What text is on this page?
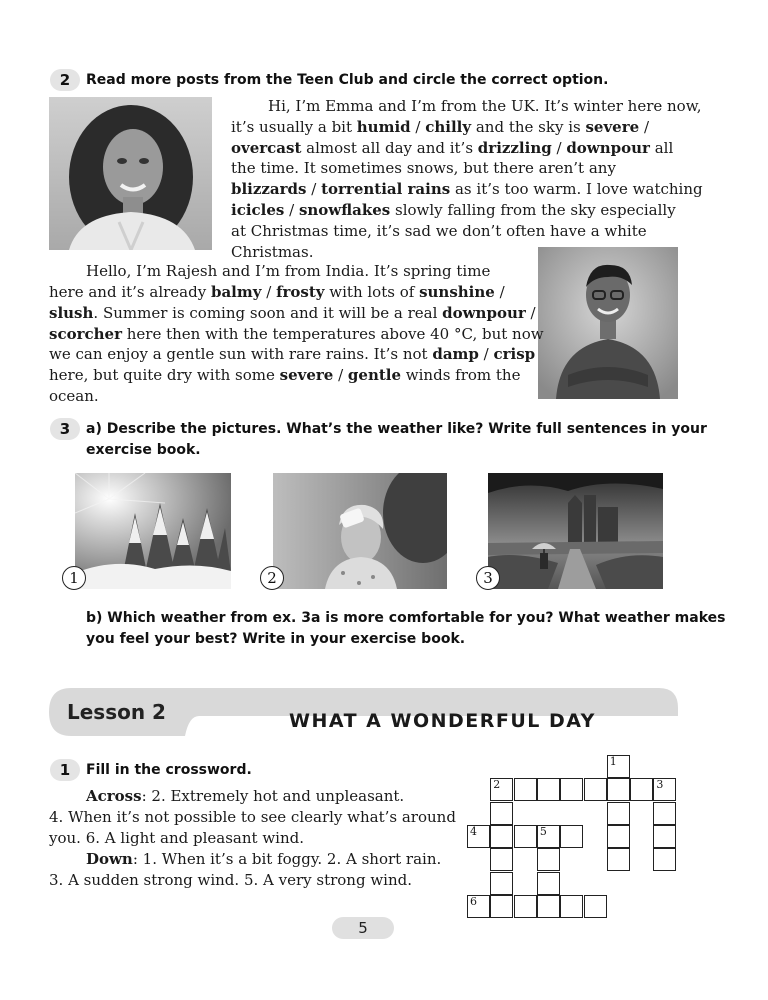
2	Read more posts from the Teen Club and circle the correct option.
Hi, I’m Emma and I’m from the UK. It’s winter here now,
it’s usually a bit humid / chilly and the sky is severe /
overcast almost all day and it’s drizzling / downpour all
the time. It sometimes snows, but there aren’t any
blizzards / torrential rains as it’s too warm. I love watching
icicles / snowflakes slowly falling from the sky especially
at Christmas time, it’s sad we don’t often have a white
Christmas.
Hello, I’m Rajesh and I’m from India. It’s spring time
here and it’s already balmy / frosty with lots of sunshine /
slush. Summer is coming soon and it will be a real downpour /
scorcher here then with the temperatures above 40 °C, but now
we can enjoy a gentle sun with rare rains. It’s not damp / crisp
here, but quite dry with some severe / gentle winds from the
ocean.
3	a) Describe the pictures. What’s the weather like? Write full sentences in your
exercise book.
1	2	3
b) Which weather from ex. 3a is more comfortable for you? What weather makes
you feel your best? Write in your exercise book.
Lesson 2	WHAT A WONDERFUL DAY
1	Fill in the crossword.
Across: 2. Extremely hot and unpleasant.
4. When it’s not possible to see clearly what’s around
you. 6. A light and pleasant wind.
Down: 1. When it’s a bit foggy. 2. A short rain.
3. A sudden strong wind. 5. A very strong wind.
1
2	3
4	5
6
5
